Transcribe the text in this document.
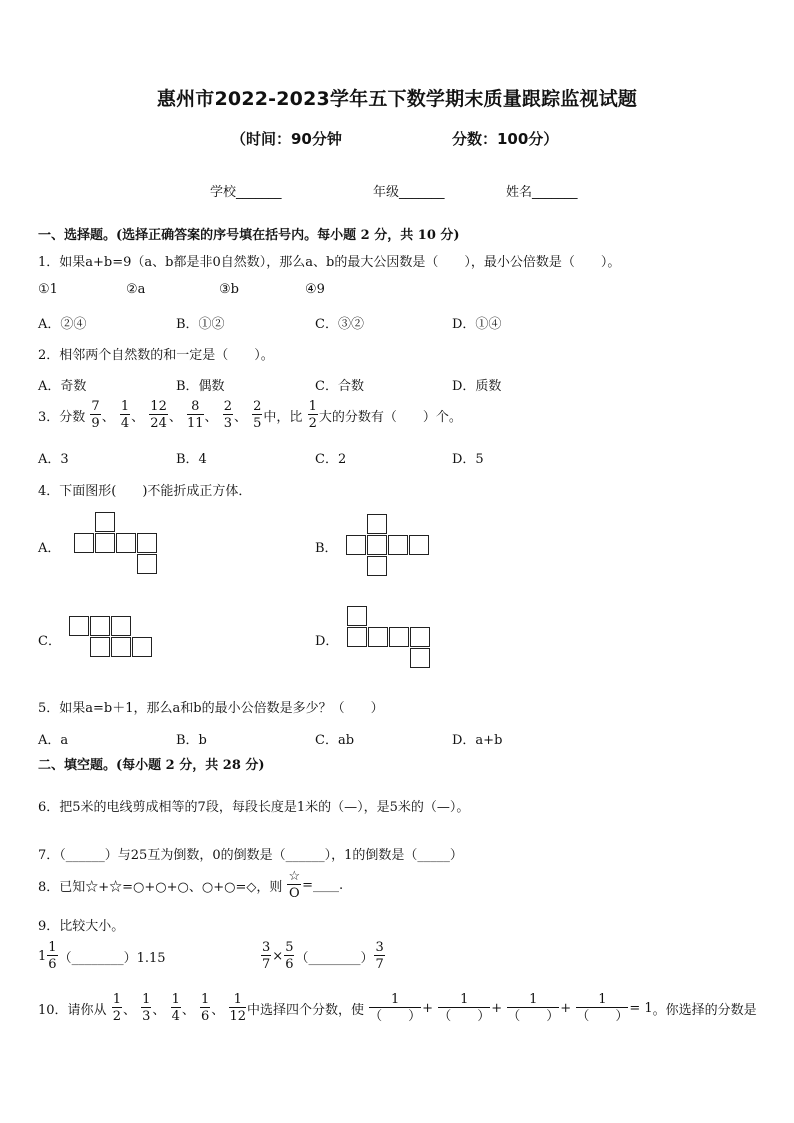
惠州市2022-2023学年五下数学期末质量跟踪监视试题
（时间：90分钟	分数：100分）
学校_______	年级_______	姓名_______
一、选择题。(选择正确答案的序号填在括号内。每小题 2 分，共 10 分)
1．如果a+b=9（a、b都是非0自然数），那么a、b的最大公因数是（　　），最小公倍数是（　　）。
①1	②a	③b	④9
A．②④	B．①②	C．③②	D．①④
2．相邻两个自然数的和一定是（　　）。
A．奇数	B．偶数	C．合数	D．质数
3．分数 $\frac{7}{9}$ 、 $\frac{1}{4}$ 、 $\frac{12}{24}$ 、 $\frac{8}{11}$ 、 $\frac{2}{3}$ 、 $\frac{2}{5}$ 中，比 $\frac{1}{2}$ 大的分数有（　　）个。
A．3	B．4	C．2	D．5
4．下面图形(　　)不能折成正方体．
A．	B．
C．	D．
5．如果a=b＋1，那么a和b的最小公倍数是多少？（　　）
A．a	B．b	C．ab	D．a+b
二、填空题。(每小题 2 分，共 28 分)
6．把5米的电线剪成相等的7段，每段长度是1米的（—），是5米的（—）。
7．（______）与25互为倒数，0的倒数是（______），1的倒数是（_____）
8．已知☆+☆=○+○+○、○+○=◇，则 $\frac{☆}{O}$ =____.
9．比较大小。
$1 \frac{1}{6}$ （________）1.15	$\frac{3}{7} \times \frac{5}{6}$ （________） $\frac{3}{7}$
10．请你从 $\frac{1}{2}$ 、 $\frac{1}{3}$ 、 $\frac{1}{4}$ 、 $\frac{1}{6}$ 、 $\frac{1}{12}$ 中选择四个分数，使 $\frac{1}{( )} + \frac{1}{( )} + \frac{1}{( )} + \frac{1}{( )} = 1$。你选择的分数是
